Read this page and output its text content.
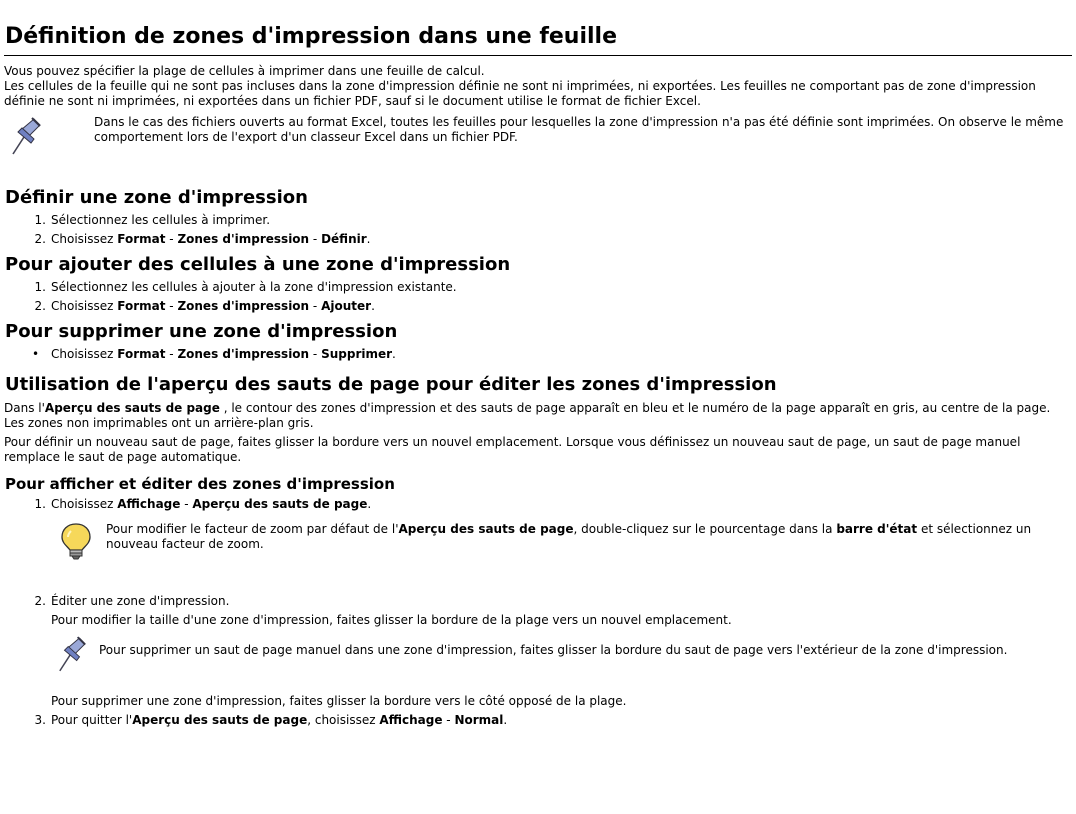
Définition de zones d'impression dans une feuille

Vous pouvez spécifier la plage de cellules à imprimer dans une feuille de calcul.

Les cellules de la feuille qui ne sont pas incluses dans la zone d'impression définie ne sont ni imprimées, ni exportées. Les feuilles ne comportant pas de zone d'impression définie ne sont ni imprimées, ni exportées dans un fichier PDF, sauf si le document utilise le format de fichier Excel.

Dans le cas des fichiers ouverts au format Excel, toutes les feuilles pour lesquelles la zone d'impression n'a pas été définie sont imprimées. On observe le même comportement lors de l'export d'un classeur Excel dans un fichier PDF.
Définir une zone d'impression
1. Sélectionnez les cellules à imprimer.
2. Choisissez Format - Zones d'impression - Définir.
Pour ajouter des cellules à une zone d'impression
1. Sélectionnez les cellules à ajouter à la zone d'impression existante.
2. Choisissez Format - Zones d'impression - Ajouter.
Pour supprimer une zone d'impression
• Choisissez Format - Zones d'impression - Supprimer.
Utilisation de l'aperçu des sauts de page pour éditer les zones d'impression

Dans l'Aperçu des sauts de page , le contour des zones d'impression et des sauts de page apparaît en bleu et le numéro de la page apparaît en gris, au centre de la page. Les zones non imprimables ont un arrière-plan gris.

Pour définir un nouveau saut de page, faites glisser la bordure vers un nouvel emplacement. Lorsque vous définissez un nouveau saut de page, un saut de page manuel remplace le saut de page automatique.

Pour afficher et éditer des zones d'impression
1. Choisissez Affichage - Aperçu des sauts de page.
Pour modifier le facteur de zoom par défaut de l'Aperçu des sauts de page, double-cliquez sur le pourcentage dans la barre d'état et sélectionnez un nouveau facteur de zoom.
2. Éditer une zone d'impression.
Pour modifier la taille d'une zone d'impression, faites glisser la bordure de la plage vers un nouvel emplacement.
Pour supprimer un saut de page manuel dans une zone d'impression, faites glisser la bordure du saut de page vers l'extérieur de la zone d'impression.
Pour supprimer une zone d'impression, faites glisser la bordure vers le côté opposé de la plage.
3. Pour quitter l'Aperçu des sauts de page, choisissez Affichage - Normal.
